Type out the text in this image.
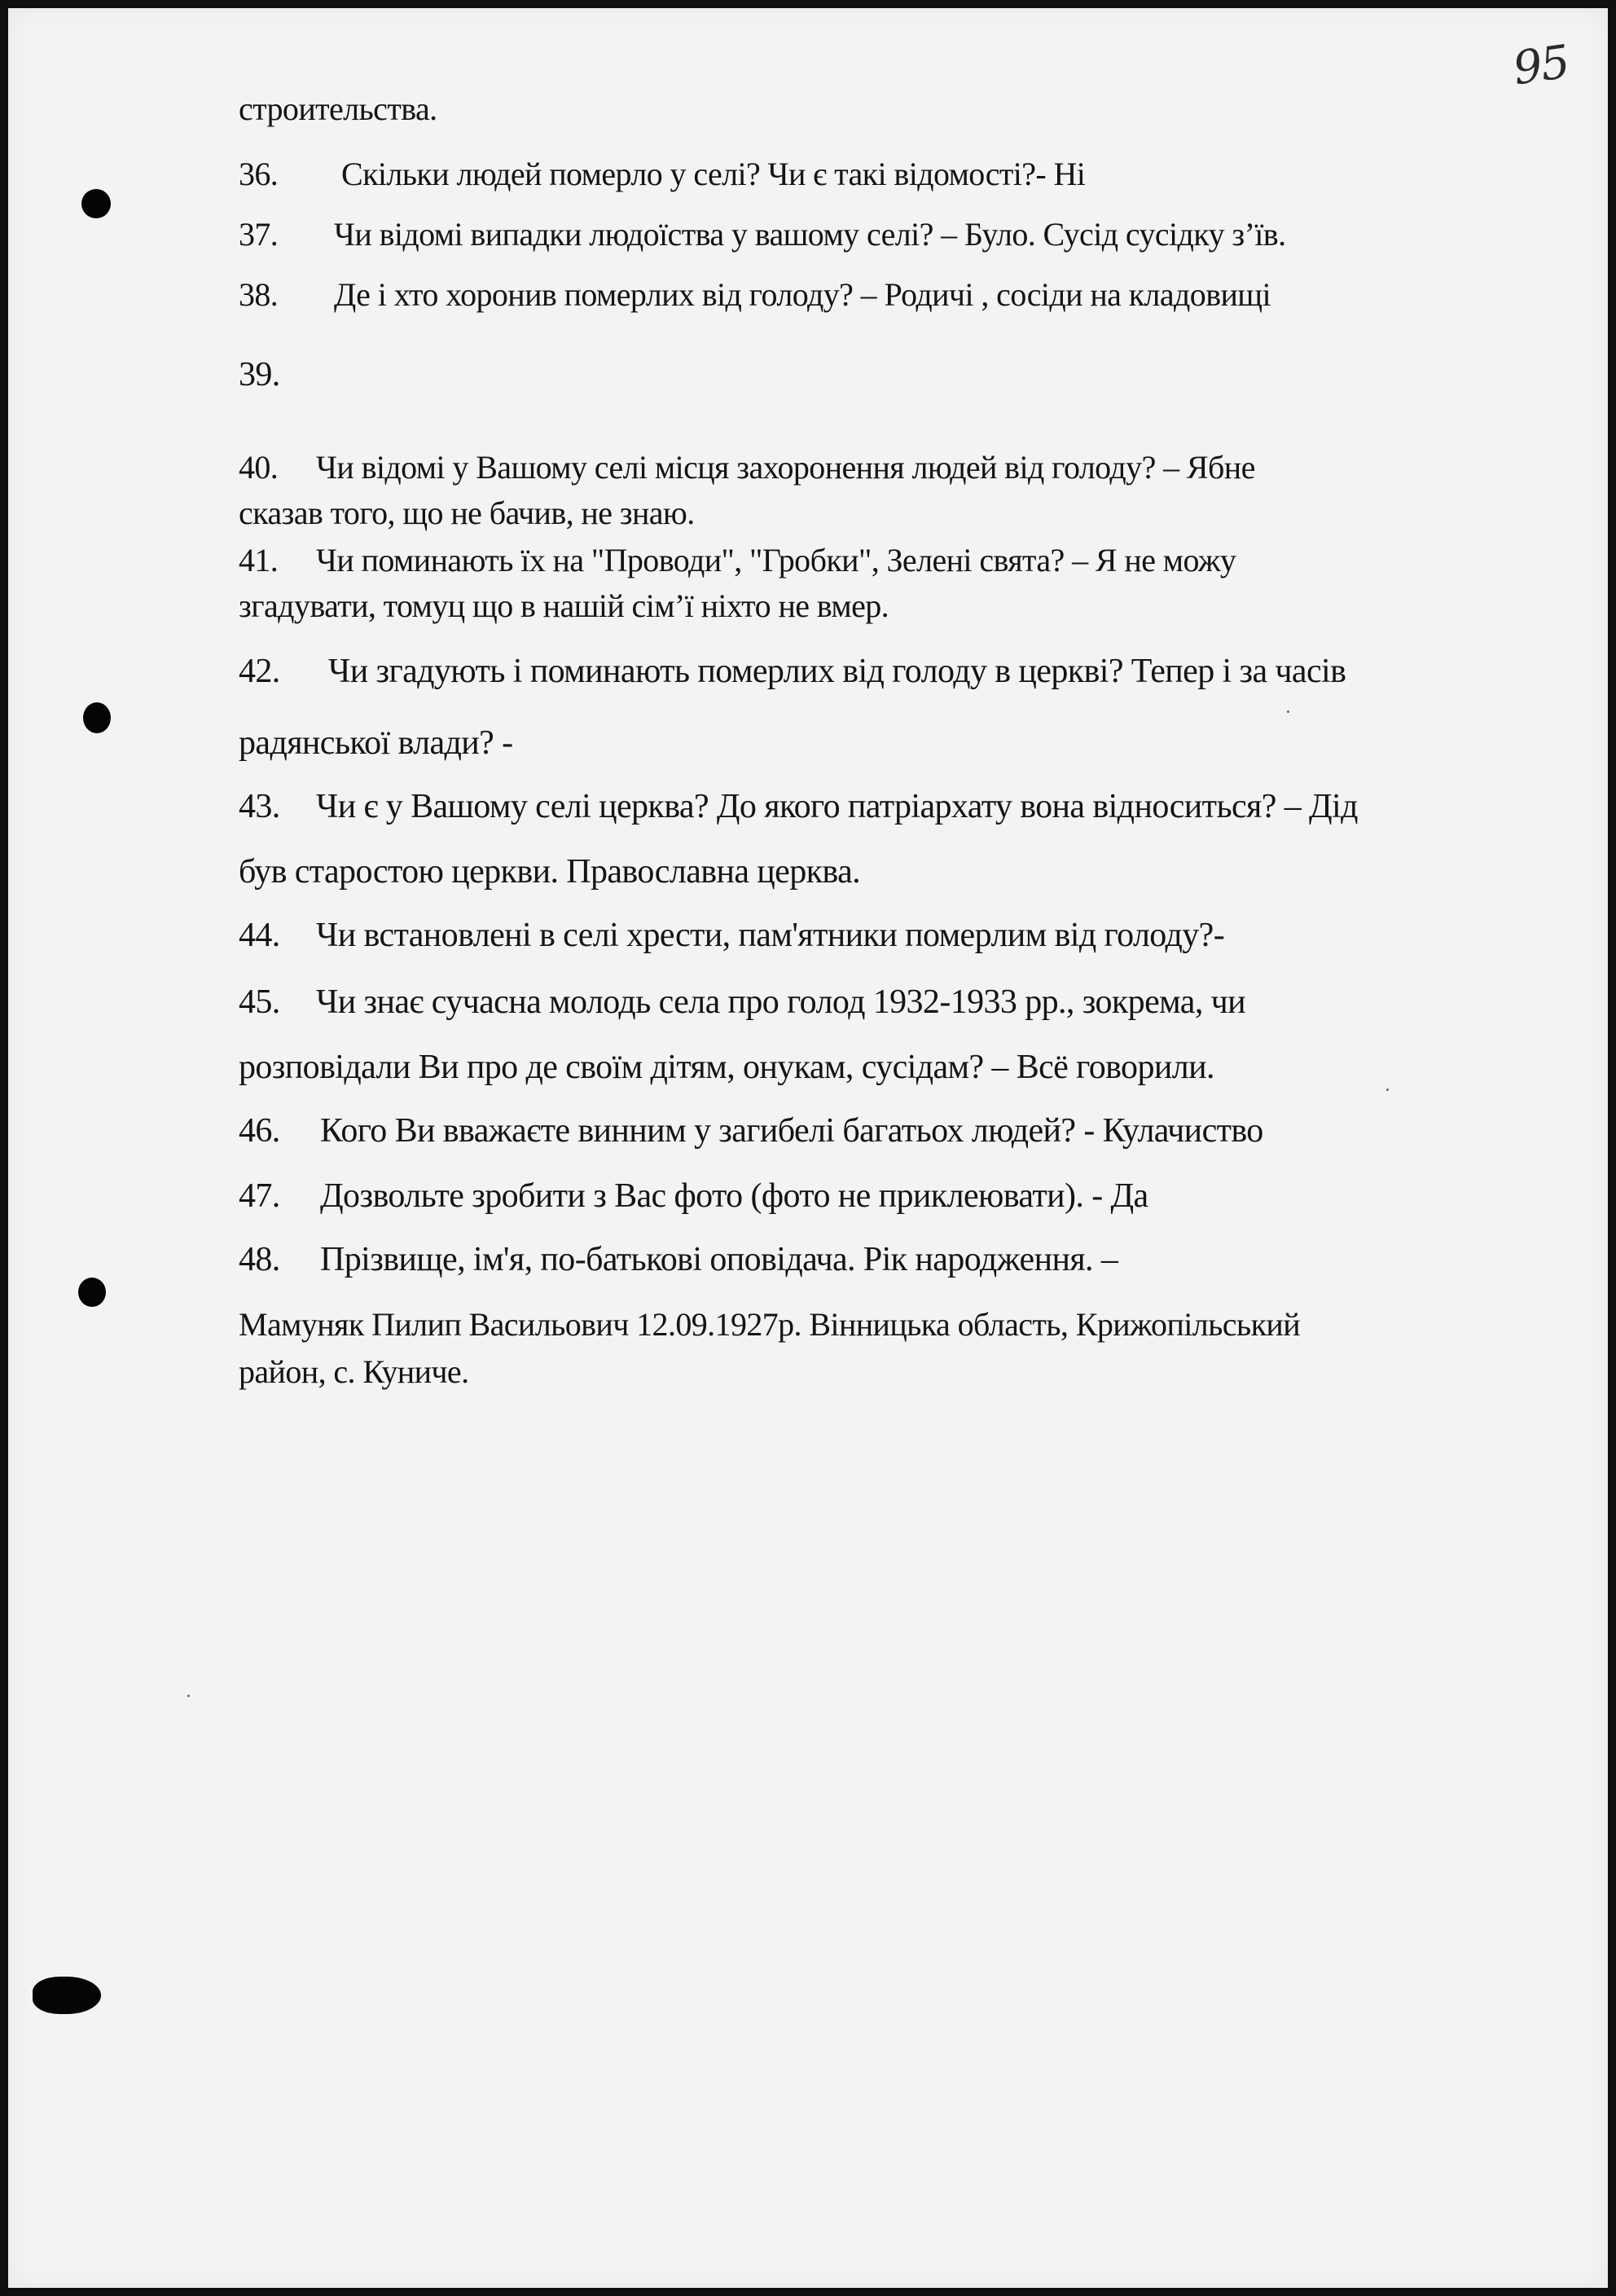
95
строительства.
36. Скільки людей померло у селі? Чи є такі відомості?- Ні
37. Чи відомі випадки людоїства у вашому селі? – Було. Сусід сусідку з’їв.
38. Де і хто хоронив померлих від голоду? – Родичі , сосіди на кладовищі
39.
40. Чи відомі у Вашому селі місця захоронення людей від голоду? – Ябне
сказав того, що не бачив, не знаю.
41. Чи поминають їх на "Проводи", "Гробки", Зелені свята? – Я не можу
згадувати, томуц що в нашій сім’ї ніхто не вмер.
42. Чи згадують і поминають померлих від голоду в церкві? Тепер і за часів
радянської влади? -
43. Чи є у Вашому селі церква? До якого патріархату вона відноситься? – Дід
був старостою церкви. Православна церква.
44. Чи встановлені в селі хрести, пам'ятники померлим від голоду?-
45. Чи знає сучасна молодь села про голод 1932-1933 рр., зокрема, чи
розповідали Ви про де своїм дітям, онукам, сусідам? – Всё говорили.
46. Кого Ви вважаєте винним у загибелі багатьох людей? - Кулачиство
47. Дозвольте зробити з Вас фото (фото не приклеювати). - Да
48. Прізвище, ім'я, по-батькові оповідача. Рік народження. –
Мамуняк Пилип Васильович 12.09.1927р. Вінницька область, Крижопільський
район, с. Куниче.
